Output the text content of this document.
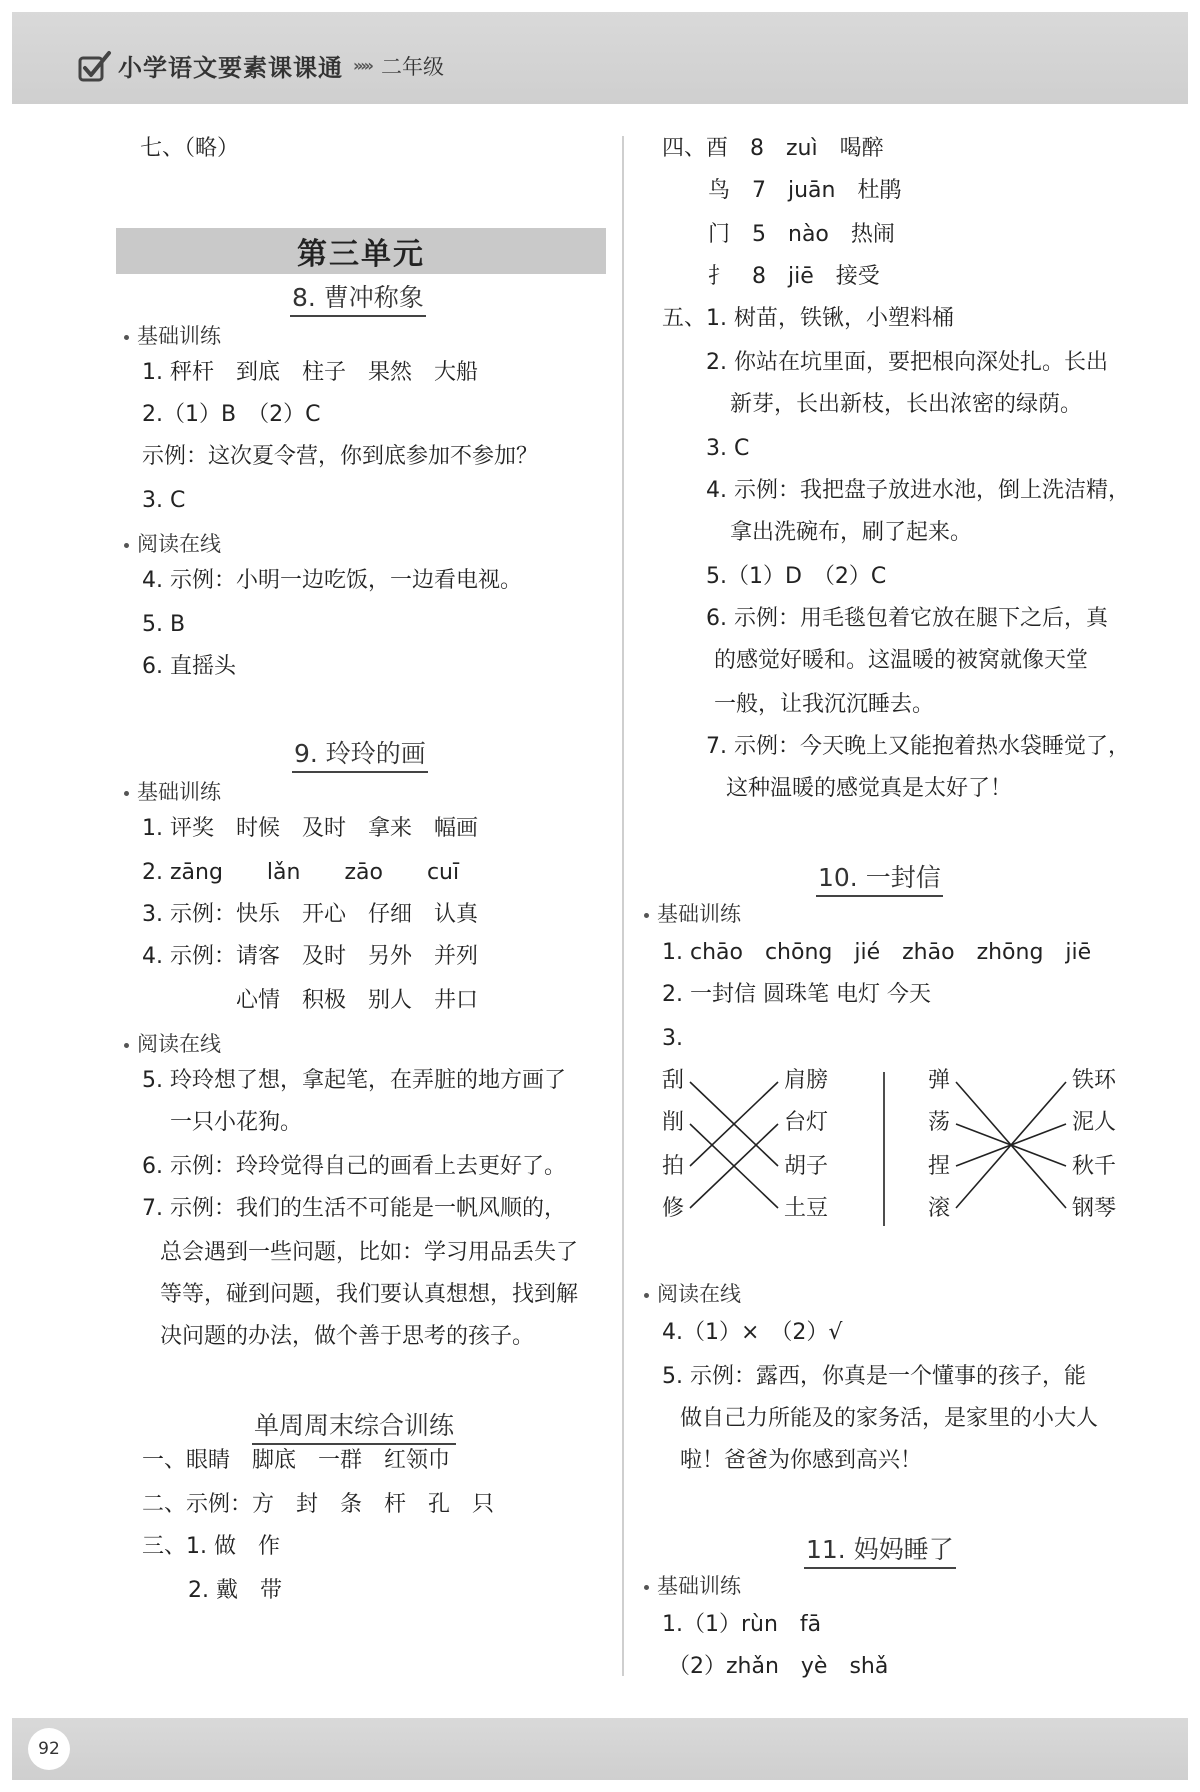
小学语文要素课课通 ››››› 二年级
七、（略）
第三单元
8. 曹冲称象
基础训练
1. 秤杆　到底　柱子　果然　大船
2.（1）B　（2）C
示例：这次夏令营，你到底参加不参加？
3. C
阅读在线
4. 示例：小明一边吃饭，一边看电视。
5. B
6. 直摇头
9. 玲玲的画
基础训练
1. 评奖　时候　及时　拿来　幅画
2. zāng　　lǎn　　zāo　　cuī
3. 示例：快乐　开心　仔细　认真
4. 示例：请客　及时　另外　并列
心情　积极　别人　井口
阅读在线
5. 玲玲想了想，拿起笔，在弄脏的地方画了
一只小花狗。
6. 示例：玲玲觉得自己的画看上去更好了。
7. 示例：我们的生活不可能是一帆风顺的，
总会遇到一些问题，比如：学习用品丢失了
等等，碰到问题，我们要认真想想，找到解
决问题的办法，做个善于思考的孩子。
单周周末综合训练
一、眼睛　脚底　一群　红领巾
二、示例：方　封　条　杆　孔　只
三、1. 做　作
2. 戴　带
四、酉　8　zuì　喝醉
鸟　7　juān　杜鹃
门　5　nào　热闹
扌　8　jiē　接受
五、1. 树苗，铁锹，小塑料桶
2. 你站在坑里面，要把根向深处扎。长出
新芽，长出新枝，长出浓密的绿荫。
3. C
4. 示例：我把盘子放进水池，倒上洗洁精，
拿出洗碗布，刷了起来。
5.（1）D　（2）C
6. 示例：用毛毯包着它放在腿下之后，真
的感觉好暖和。这温暖的被窝就像天堂
一般，让我沉沉睡去。
7. 示例：今天晚上又能抱着热水袋睡觉了，
这种温暖的感觉真是太好了！
10. 一封信
基础训练
1. chāo　chōng　jié　zhāo　zhōng　jiē
2. 一封信 圆珠笔 电灯 今天
3.
刮
削
拍
修
肩膀
台灯
胡子
土豆
弹
荡
捏
滚
铁环
泥人
秋千
钢琴
阅读在线
4.（1）×　（2）√
5. 示例：露西，你真是一个懂事的孩子，能
做自己力所能及的家务活，是家里的小大人
啦！爸爸为你感到高兴！
11. 妈妈睡了
基础训练
1.（1）rùn　fā
（2）zhǎn　yè　shǎ
92
